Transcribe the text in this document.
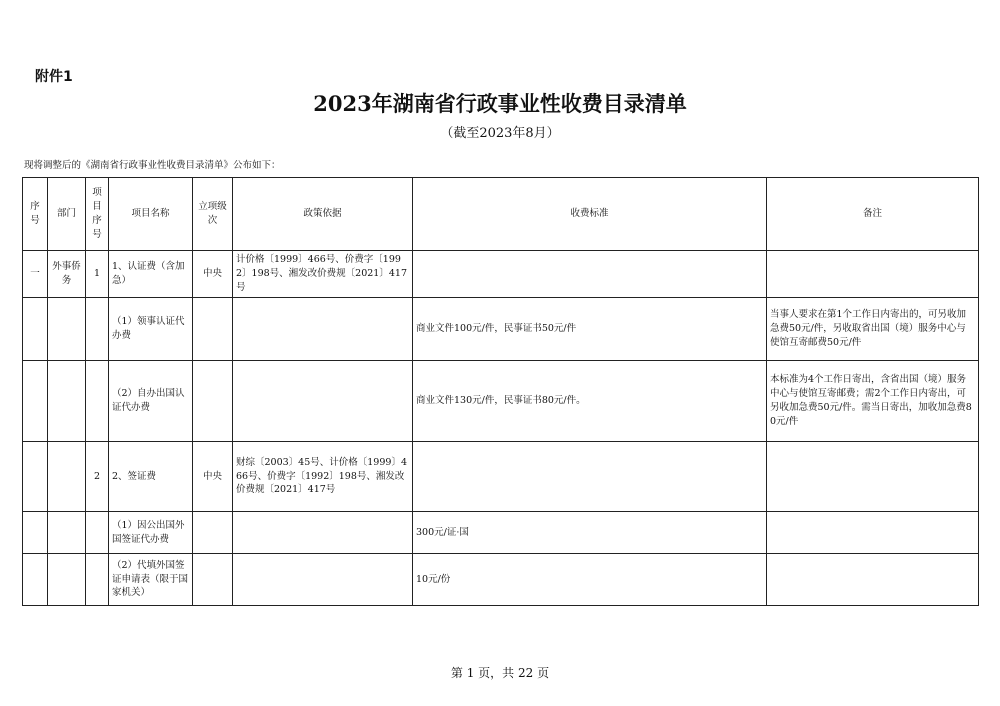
附件1
2023年湖南省行政事业性收费目录清单
（截至2023年8月）
现将调整后的《湖南省行政事业性收费目录清单》公布如下：
序号	部门	项目序号	项目名称	立项级次	政策依据	收费标准	备注
一	外事侨务	1	1、认证费（含加急）	中央	计价格〔1999〕466号、价费字〔1992〕198号、湘发改价费规〔2021〕417号		
			（1）领事认证代办费			商业文件100元/件，民事证书50元/件	当事人要求在第1个工作日内寄出的，可另收加急费50元/件，另收取省出国（境）服务中心与使馆互寄邮费50元/件
			（2）自办出国认证代办费			商业文件130元/件，民事证书80元/件。	本标准为4个工作日寄出，含省出国（境）服务中心与使馆互寄邮费；需2个工作日内寄出，可另收加急费50元/件。需当日寄出，加收加急费80元/件
		2	2、签证费	中央	财综〔2003〕45号、计价格〔1999〕466号、价费字〔1992〕198号、湘发改价费规〔2021〕417号		
			（1）因公出国外国签证代办费			300元/证·国	
			（2）代填外国签证申请表（限于国家机关）			10元/份	
第 1 页，共 22 页
